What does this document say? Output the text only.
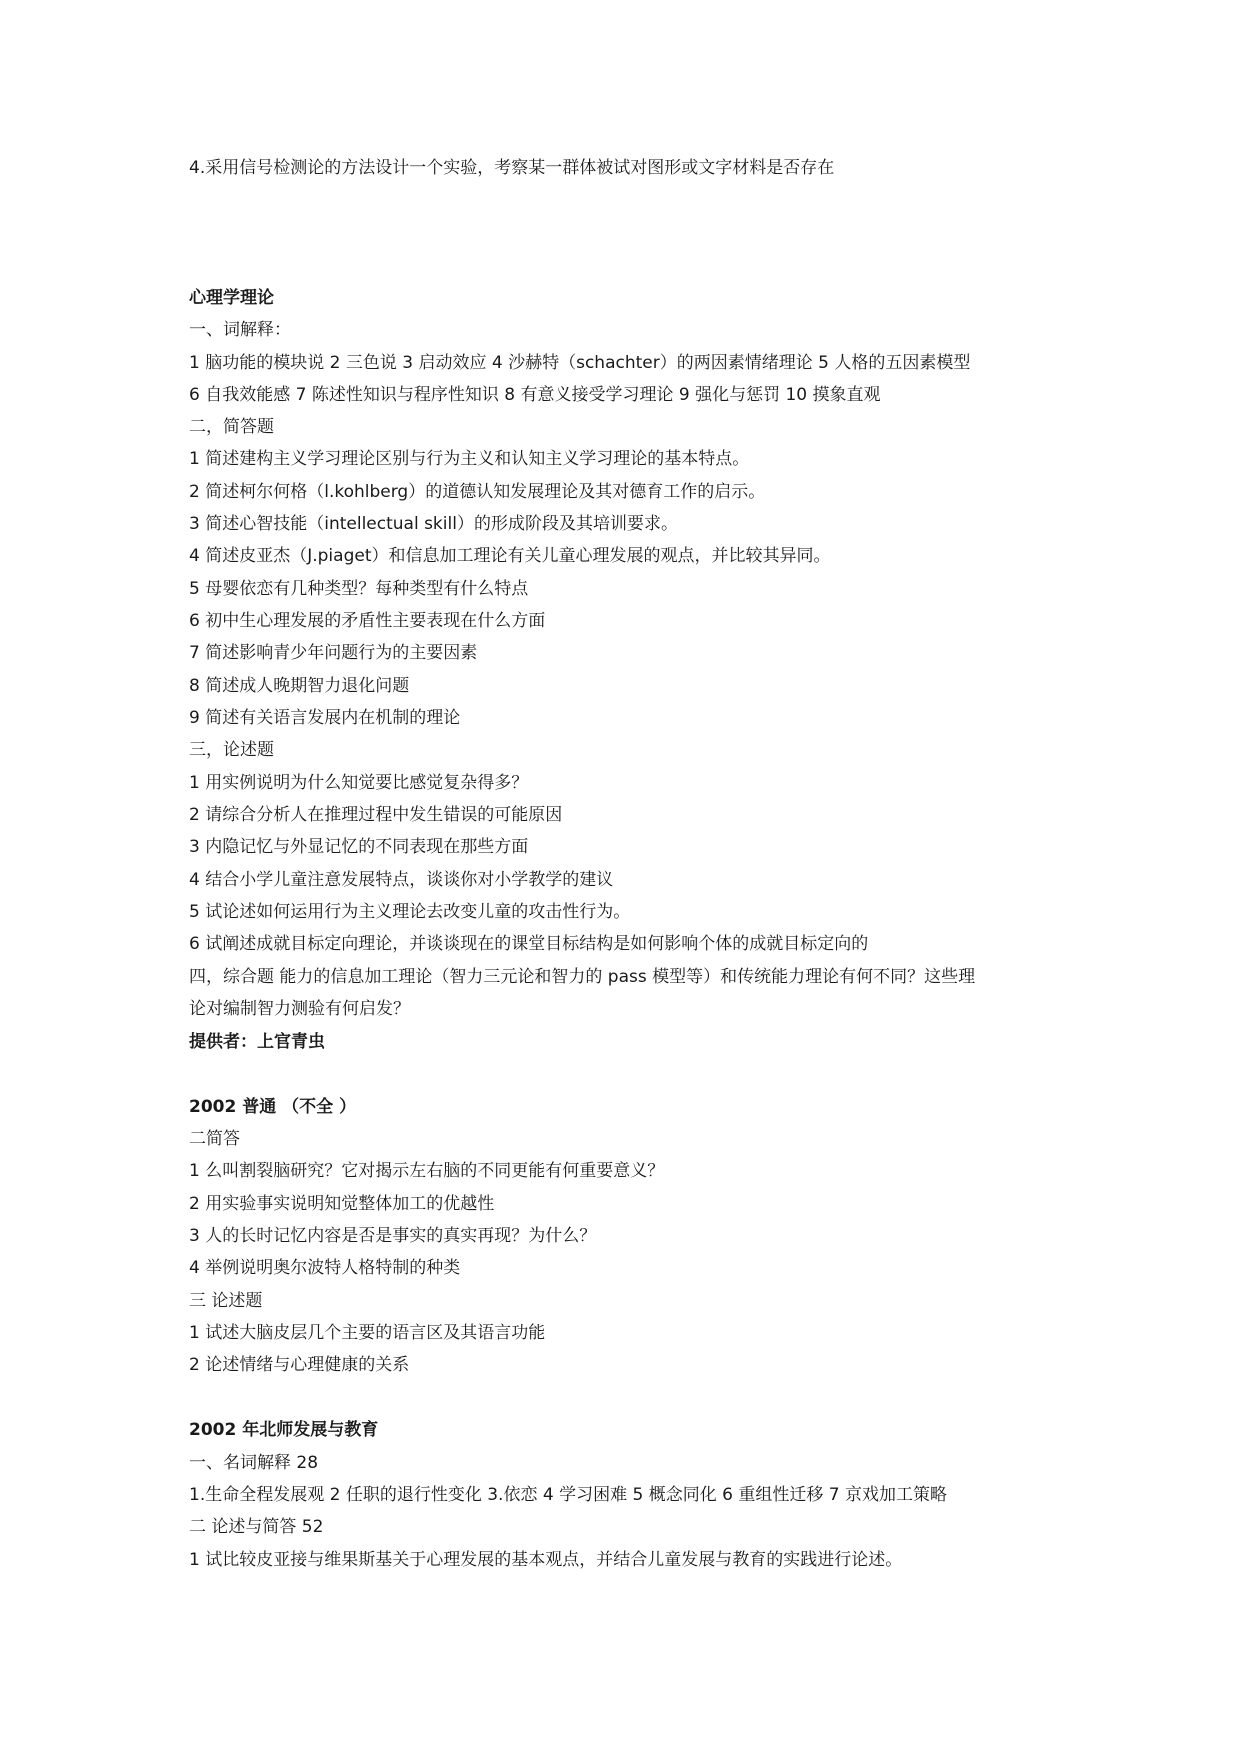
4.采用信号检测论的方法设计一个实验，考察某一群体被试对图形或文字材料是否存在
心理学理论
一、词解释：
1 脑功能的模块说 2 三色说 3 启动效应 4 沙赫特（schachter）的两因素情绪理论 5 人格的五因素模型
6 自我效能感 7 陈述性知识与程序性知识 8 有意义接受学习理论 9 强化与惩罚 10 摸象直观
二，简答题
1 简述建构主义学习理论区别与行为主义和认知主义学习理论的基本特点。
2 简述柯尔何格（l.kohlberg）的道德认知发展理论及其对德育工作的启示。
3 简述心智技能（intellectual skill）的形成阶段及其培训要求。
4 简述皮亚杰（J.piaget）和信息加工理论有关儿童心理发展的观点，并比较其异同。
5 母婴依恋有几种类型？每种类型有什么特点
6 初中生心理发展的矛盾性主要表现在什么方面
7 简述影响青少年问题行为的主要因素
8 简述成人晚期智力退化问题
9 简述有关语言发展内在机制的理论
三，论述题
1 用实例说明为什么知觉要比感觉复杂得多？
2 请综合分析人在推理过程中发生错误的可能原因
3 内隐记忆与外显记忆的不同表现在那些方面
4 结合小学儿童注意发展特点，谈谈你对小学教学的建议
5 试论述如何运用行为主义理论去改变儿童的攻击性行为。
6 试阐述成就目标定向理论，并谈谈现在的课堂目标结构是如何影响个体的成就目标定向的
四，综合题 能力的信息加工理论（智力三元论和智力的 pass 模型等）和传统能力理论有何不同？这些理
论对编制智力测验有何启发？
提供者：上官青虫
2002 普通 （不全 ）
二简答
1 么叫割裂脑研究？它对揭示左右脑的不同更能有何重要意义？
2 用实验事实说明知觉整体加工的优越性
3 人的长时记忆内容是否是事实的真实再现？为什么？
4 举例说明奥尔波特人格特制的种类
三 论述题
1 试述大脑皮层几个主要的语言区及其语言功能
2 论述情绪与心理健康的关系
2002 年北师发展与教育
一、名词解释 28
1.生命全程发展观 2 任职的退行性变化 3.依恋 4 学习困难 5 概念同化 6 重组性迁移 7 京戏加工策略
二 论述与简答 52
1 试比较皮亚接与维果斯基关于心理发展的基本观点，并结合儿童发展与教育的实践进行论述。
